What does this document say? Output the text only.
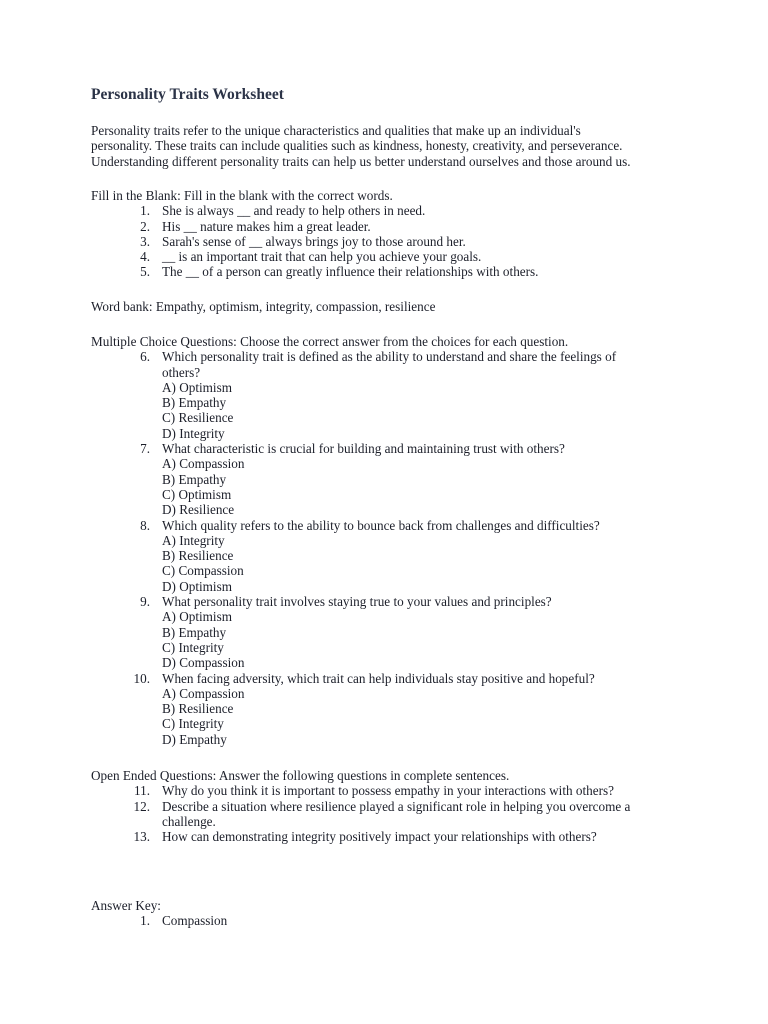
Personality Traits Worksheet
Personality traits refer to the unique characteristics and qualities that make up an individual's
personality. These traits can include qualities such as kindness, honesty, creativity, and perseverance.
Understanding different personality traits can help us better understand ourselves and those around us.
Fill in the Blank: Fill in the blank with the correct words.
1. She is always __ and ready to help others in need.
2. His __ nature makes him a great leader.
3. Sarah's sense of __ always brings joy to those around her.
4. __ is an important trait that can help you achieve your goals.
5. The __ of a person can greatly influence their relationships with others.
Word bank: Empathy, optimism, integrity, compassion, resilience
Multiple Choice Questions: Choose the correct answer from the choices for each question.
6. Which personality trait is defined as the ability to understand and share the feelings of
others?
A) Optimism
B) Empathy
C) Resilience
D) Integrity
7. What characteristic is crucial for building and maintaining trust with others?
A) Compassion
B) Empathy
C) Optimism
D) Resilience
8. Which quality refers to the ability to bounce back from challenges and difficulties?
A) Integrity
B) Resilience
C) Compassion
D) Optimism
9. What personality trait involves staying true to your values and principles?
A) Optimism
B) Empathy
C) Integrity
D) Compassion
10. When facing adversity, which trait can help individuals stay positive and hopeful?
A) Compassion
B) Resilience
C) Integrity
D) Empathy
Open Ended Questions: Answer the following questions in complete sentences.
11. Why do you think it is important to possess empathy in your interactions with others?
12. Describe a situation where resilience played a significant role in helping you overcome a
challenge.
13. How can demonstrating integrity positively impact your relationships with others?
Answer Key:
1. Compassion
